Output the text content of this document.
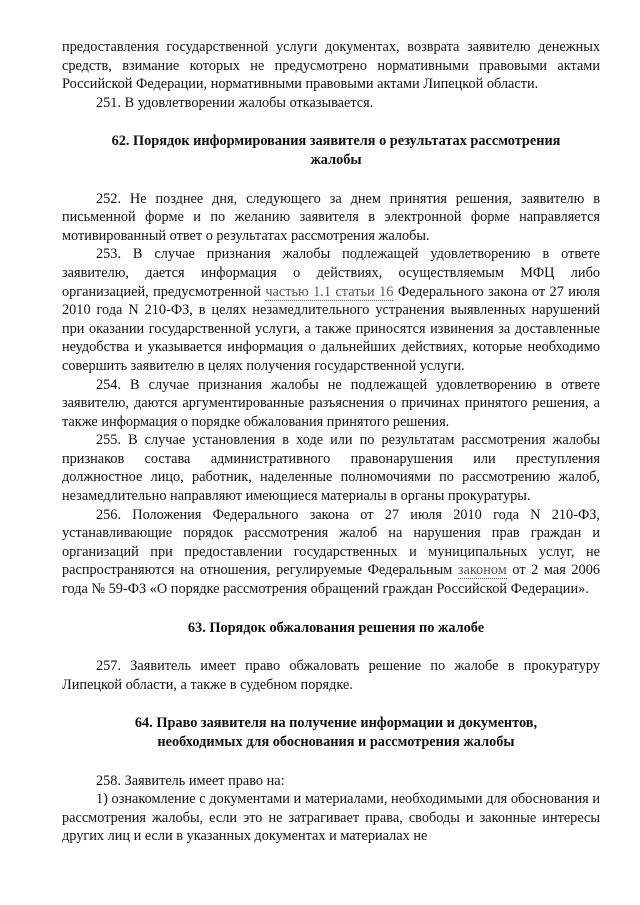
предоставления государственной услуги документах, возврата заявителю денежных средств, взимание которых не предусмотрено нормативными правовыми актами Российской Федерации, нормативными правовыми актами Липецкой области.

251. В удовлетворении жалобы отказывается.

62. Порядок информирования заявителя о результатах рассмотрения жалобы

252. Не позднее дня, следующего за днем принятия решения, заявителю в письменной форме и по желанию заявителя в электронной форме направляется мотивированный ответ о результатах рассмотрения жалобы.

253. В случае признания жалобы подлежащей удовлетворению в ответе заявителю, дается информация о действиях, осуществляемым МФЦ либо организацией, предусмотренной частью 1.1 статьи 16 Федерального закона от 27 июля 2010 года N 210-ФЗ, в целях незамедлительного устранения выявленных нарушений при оказании государственной услуги, а также приносятся извинения за доставленные неудобства и указывается информация о дальнейших действиях, которые необходимо совершить заявителю в целях получения государственной услуги.

254. В случае признания жалобы не подлежащей удовлетворению в ответе заявителю, даются аргументированные разъяснения о причинах принятого решения, а также информация о порядке обжалования принятого решения.

255. В случае установления в ходе или по результатам рассмотрения жалобы признаков состава административного правонарушения или преступления должностное лицо, работник, наделенные полномочиями по рассмотрению жалоб, незамедлительно направляют имеющиеся материалы в органы прокуратуры.

256. Положения Федерального закона от 27 июля 2010 года N 210-ФЗ, устанавливающие порядок рассмотрения жалоб на нарушения прав граждан и организаций при предоставлении государственных и муниципальных услуг, не распространяются на отношения, регулируемые Федеральным законом от 2 мая 2006 года № 59-ФЗ «О порядке рассмотрения обращений граждан Российской Федерации».

63. Порядок обжалования решения по жалобе

257. Заявитель имеет право обжаловать решение по жалобе в прокуратуру Липецкой области, а также в судебном порядке.

64. Право заявителя на получение информации и документов, необходимых для обоснования и рассмотрения жалобы

258. Заявитель имеет право на:

1) ознакомление с документами и материалами, необходимыми для обоснования и рассмотрения жалобы, если это не затрагивает права, свободы и законные интересы других лиц и если в указанных документах и материалах не
